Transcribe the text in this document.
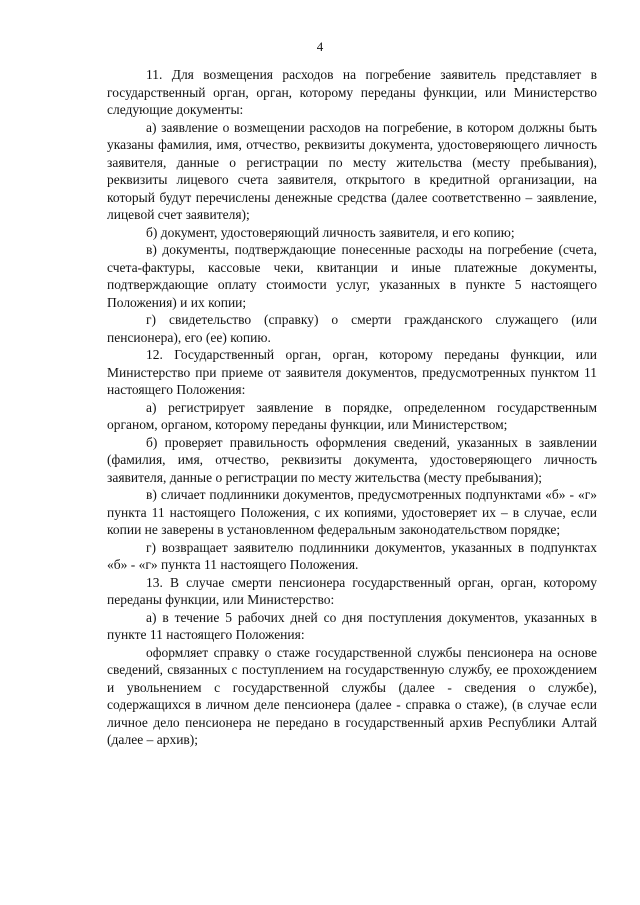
4

11. Для возмещения расходов на погребение заявитель представляет в государственный орган, орган, которому переданы функции, или Министерство следующие документы:

а) заявление о возмещении расходов на погребение, в котором должны быть указаны фамилия, имя, отчество, реквизиты документа, удостоверяющего личность заявителя, данные о регистрации по месту жительства (месту пребывания), реквизиты лицевого счета заявителя, открытого в кредитной организации, на который будут перечислены денежные средства (далее соответственно – заявление, лицевой счет заявителя);

б) документ, удостоверяющий личность заявителя, и его копию;

в) документы, подтверждающие понесенные расходы на погребение (счета, счета-фактуры, кассовые чеки, квитанции и иные платежные документы, подтверждающие оплату стоимости услуг, указанных в пункте 5 настоящего Положения) и их копии;

г) свидетельство (справку) о смерти гражданского служащего (или пенсионера), его (ее) копию.

12. Государственный орган, орган, которому переданы функции, или Министерство при приеме от заявителя документов, предусмотренных пунктом 11 настоящего Положения:

а) регистрирует заявление в порядке, определенном государственным органом, органом, которому переданы функции, или Министерством;

б) проверяет правильность оформления сведений, указанных в заявлении (фамилия, имя, отчество, реквизиты документа, удостоверяющего личность заявителя, данные о регистрации по месту жительства (месту пребывания);

в) сличает подлинники документов, предусмотренных подпунктами «б» - «г» пункта 11 настоящего Положения, с их копиями, удостоверяет их – в случае, если копии не заверены в установленном федеральным законодательством порядке;

г) возвращает заявителю подлинники документов, указанных в подпунктах «б» - «г» пункта 11 настоящего Положения.

13. В случае смерти пенсионера государственный орган, орган, которому переданы функции, или Министерство:

а) в течение 5 рабочих дней со дня поступления документов, указанных в пункте 11 настоящего Положения:

оформляет справку о стаже государственной службы пенсионера на основе сведений, связанных с поступлением на государственную службу, ее прохождением и увольнением с государственной службы (далее - сведения о службе), содержащихся в личном деле пенсионера (далее - справка о стаже), (в случае если личное дело пенсионера не передано в государственный архив Республики Алтай (далее – архив);
